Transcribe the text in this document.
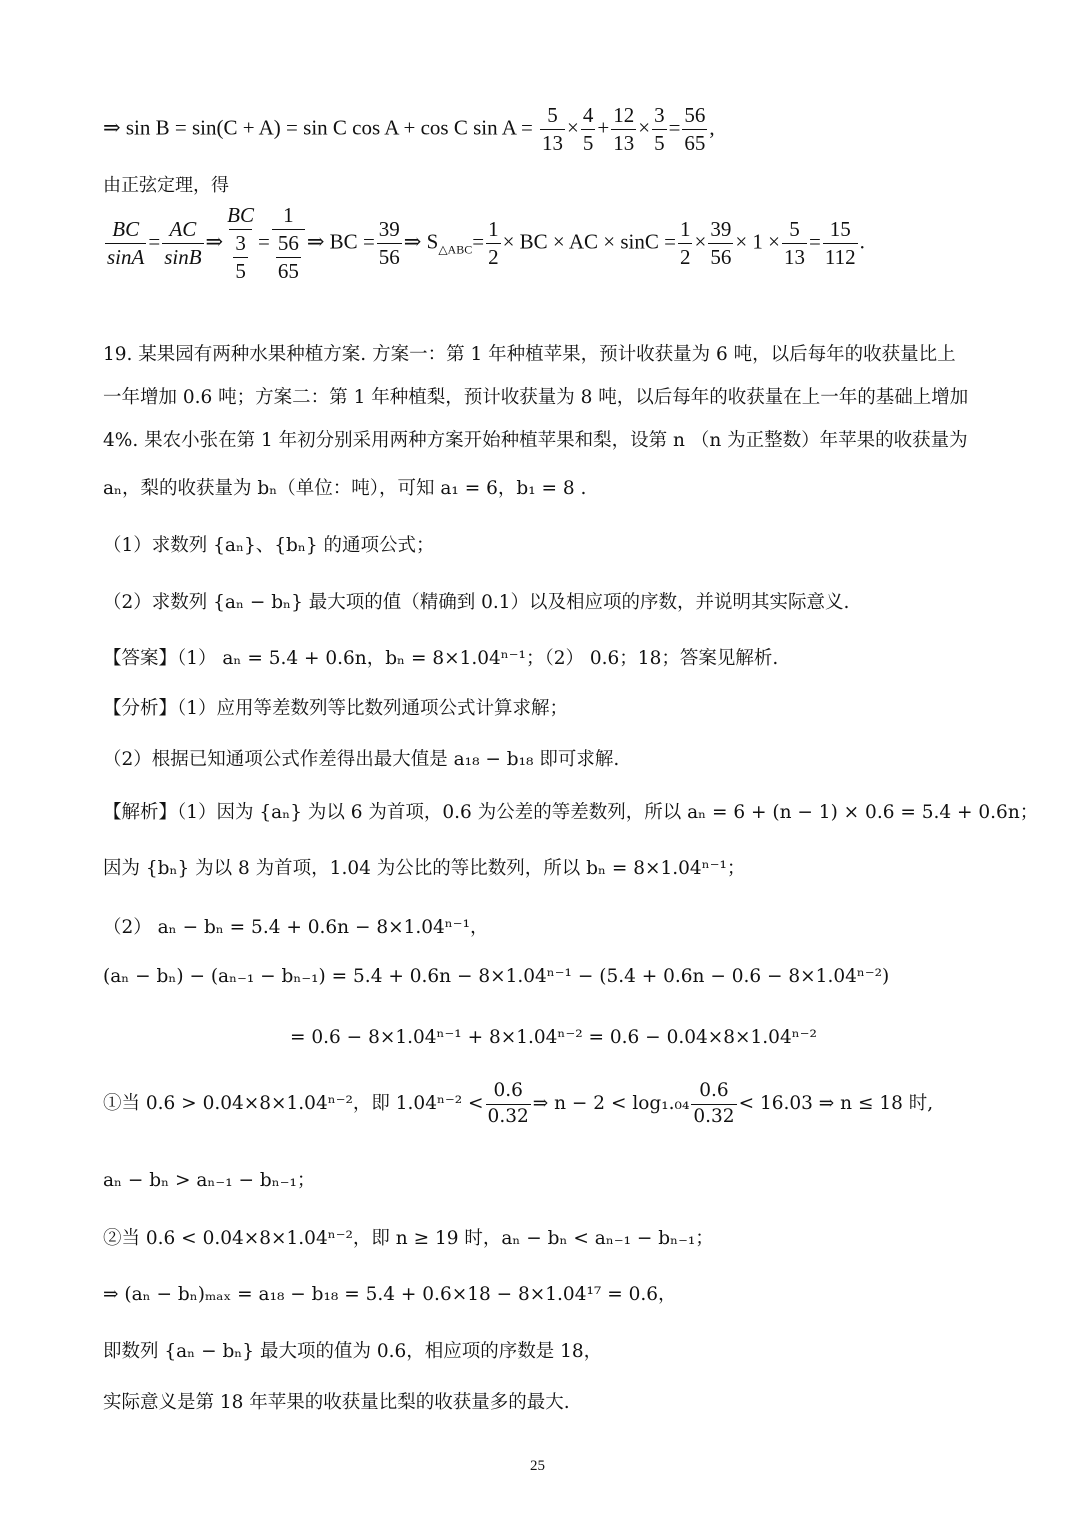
⇒ sin B = sin(C + A) = sin C cos A + cos C $\sin A = \frac{5}{13} \times \frac{4}{5} + \frac{12}{13} \times \frac{3}{5} = \frac{56}{65}$ ,
由正弦定理，得
$\frac{BC}{\sin A} = \frac{AC}{\sin B}$ ⇒ $\frac{BC}{\frac{3}{5}} = \frac{1}{\frac{56}{65}}$ ⇒ BC = $\frac{39}{56}$ ⇒ $S_{\triangle ABC}= \frac{1}{2}$ × BC × AC × $\sin C = \frac{1}{2} \times \frac{39}{56} \times 1 \times \frac{5}{13} = \frac{15}{112}$ .
19. 某果园有两种水果种植方案. 方案一：第 1 年种植苹果，预计收获量为 6 吨，以后每年的收获量比上
一年增加 0.6 吨；方案二：第 1 年种植梨，预计收获量为 8 吨，以后每年的收获量在上一年的基础上增加
4%. 果农小张在第 1 年初分别采用两种方案开始种植苹果和梨，设第 n （n 为正整数）年苹果的收获量为
aₙ，梨的收获量为 bₙ（单位：吨），可知 a₁ = 6，b₁ = 8 .
（1）求数列 {aₙ}、{bₙ} 的通项公式；
（2）求数列 {aₙ − bₙ} 最大项的值（精确到 0.1）以及相应项的序数，并说明其实际意义.
【答案】（1） aₙ = 5.4 + 0.6n，bₙ = 8×1.04ⁿ⁻¹；（2） 0.6；18；答案见解析.
【分析】（1）应用等差数列等比数列通项公式计算求解；
（2）根据已知通项公式作差得出最大值是 a₁₈ − b₁₈ 即可求解.
【解析】（1）因为 {aₙ} 为以 6 为首项，0.6 为公差的等差数列，所以 aₙ = 6 + (n − 1) × 0.6 = 5.4 + 0.6n；
因为 {bₙ} 为以 8 为首项，1.04 为公比的等比数列，所以 bₙ = 8×1.04ⁿ⁻¹；
（2） aₙ − bₙ = 5.4 + 0.6n − 8×1.04ⁿ⁻¹，
(aₙ − bₙ) − (aₙ₋₁ − bₙ₋₁) = 5.4 + 0.6n − 8×1.04ⁿ⁻¹ − (5.4 + 0.6n − 0.6 − 8×1.04ⁿ⁻²)
= 0.6 − 8×1.04ⁿ⁻¹ + 8×1.04ⁿ⁻² = 0.6 − 0.04×8×1.04ⁿ⁻²
①当 0.6 > 0.04×8×1.04ⁿ⁻²，即 $1.04^{n-2} < \frac{0.6}{0.32}$ ⇒ $n - 2 < \log_1._{04} \frac{0.6}{0.32} < 16.03$ ⇒ n ≤ 18 时,
aₙ − bₙ > aₙ₋₁ − bₙ₋₁；
②当 0.6 < 0.04×8×1.04ⁿ⁻²，即 n ≥ 19 时，aₙ − bₙ < aₙ₋₁ − bₙ₋₁；
⇒ (aₙ − bₙ)ₘₐₓ = a₁₈ − b₁₈ = 5.4 + 0.6×18 − 8×1.04¹⁷ = 0.6，
即数列 {aₙ − bₙ} 最大项的值为 0.6，相应项的序数是 18，
实际意义是第 18 年苹果的收获量比梨的收获量多的最大.
25
